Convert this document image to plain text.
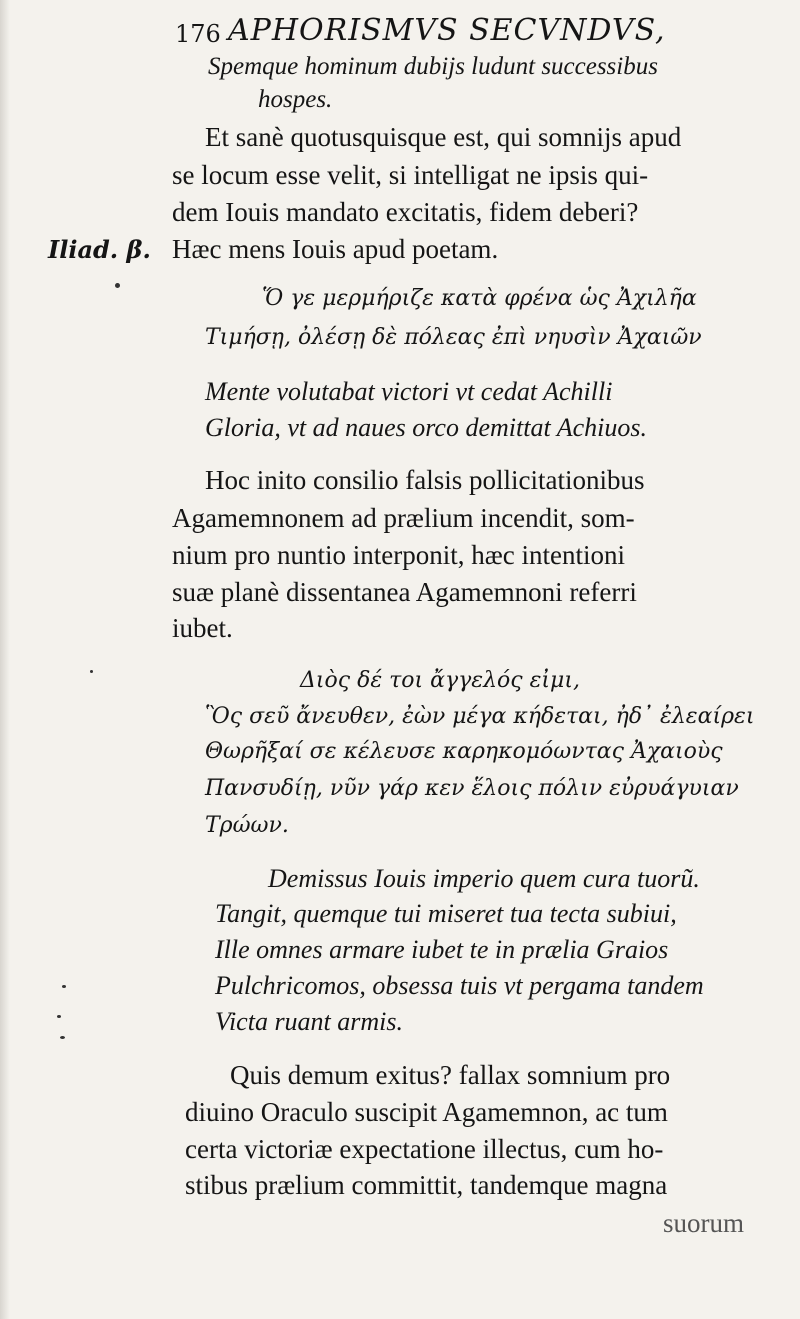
176 APHORISMVS SECVNDVS,
Spemque hominum dubijs ludunt successibus
hospes.
Et sanè quotusquisque est, qui somnijs apud
se locum esse velit, si intelligat ne ipsis qui-
dem Iouis mandato excitatis, fidem deberi?
Hæc mens Iouis apud poetam.
Iliad. β.
Ὅ γε μερμήριζε κατὰ φρένα ὡς Ἀχιλῆα
Τιμήσῃ, ὀλέσῃ δὲ πόλεας ἐπὶ νηυσὶν Ἀχαιῶν
Mente volutabat victori vt cedat Achilli
Gloria, vt ad naues orco demittat Achiuos.
Hoc inito consilio falsis pollicitationibus
Agamemnonem ad prælium incendit, som-
nium pro nuntio interponit, hæc intentioni
suæ planè dissentanea Agamemnoni referri
iubet.
Διὸς δέ τοι ἄγγελός εἰμι,
Ὃς σεῦ ἄνευθεν, ἐὼν μέγα κήδεται, ἠδ᾽ ἐλεαίρει
Θωρῆξαί σε κέλευσε καρηκομόωντας Ἀχαιοὺς
Πανσυδίῃ, νῦν γάρ κεν ἕλοις πόλιν εὐρυάγυιαν
Τρώων.
Demissus Iouis imperio quem cura tuorũ.
Tangit, quemque tui miseret tua tecta subiui,
Ille omnes armare iubet te in prælia Graios
Pulchricomos, obsessa tuis vt pergama tandem
Victa ruant armis.
Quis demum exitus? fallax somnium pro
diuino Oraculo suscipit Agamemnon, ac tum
certa victoriæ expectatione illectus, cum ho-
stibus prælium committit, tandemque magna
suorum
